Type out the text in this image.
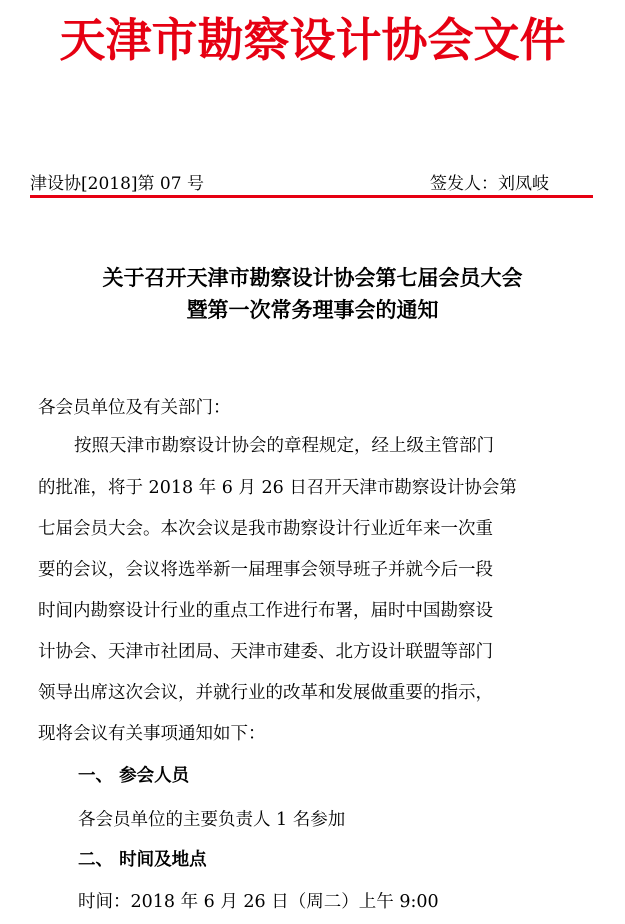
天津市勘察设计协会文件
津设协[2018]第 07 号	签发人：刘凤岐
关于召开天津市勘察设计协会第七届会员大会
暨第一次常务理事会的通知
各会员单位及有关部门：
按照天津市勘察设计协会的章程规定，经上级主管部门
的批准，将于 2018 年 6 月 26 日召开天津市勘察设计协会第
七届会员大会。本次会议是我市勘察设计行业近年来一次重
要的会议，会议将选举新一届理事会领导班子并就今后一段
时间内勘察设计行业的重点工作进行布署，届时中国勘察设
计协会、天津市社团局、天津市建委、北方设计联盟等部门
领导出席这次会议，并就行业的改革和发展做重要的指示，
现将会议有关事项通知如下：
一、 参会人员
各会员单位的主要负责人 1 名参加
二、 时间及地点
时间：2018 年 6 月 26 日（周二）上午 9:00
